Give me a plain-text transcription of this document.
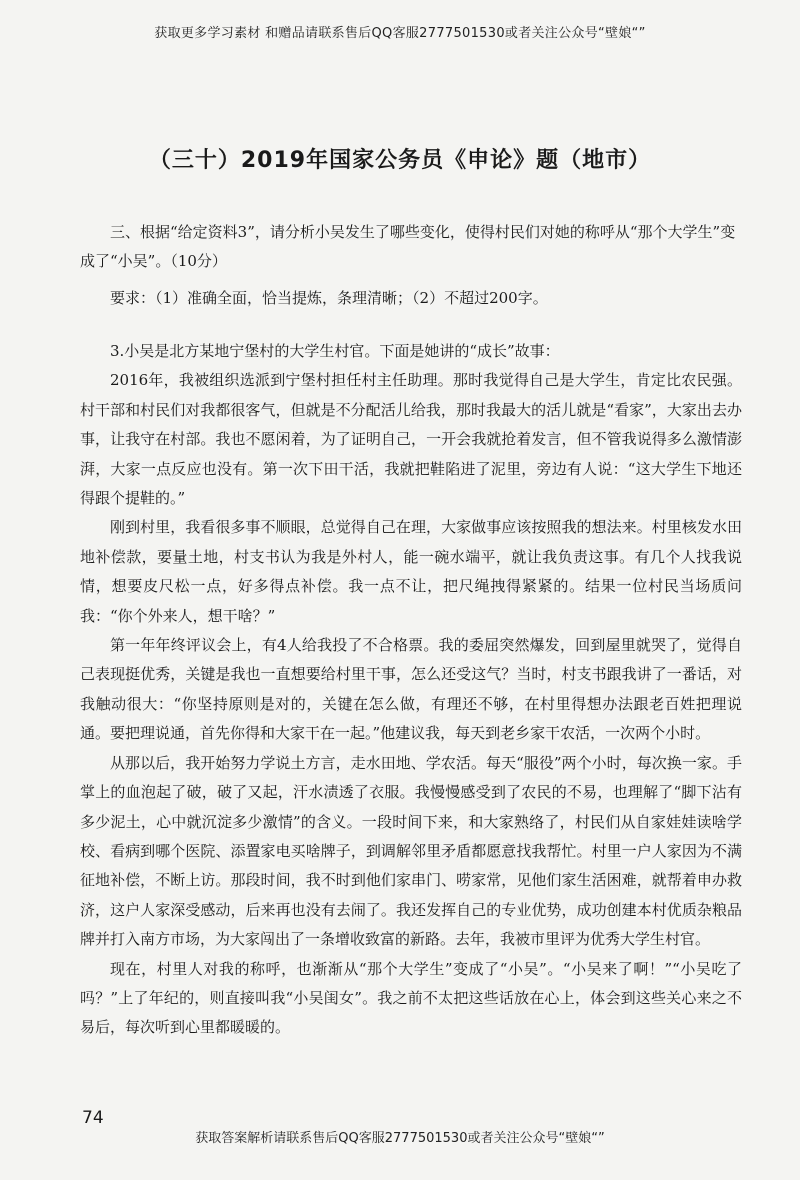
获取更多学习素材 和赠品请联系售后QQ客服2777501530或者关注公众号“壁娘“”
（三十）2019年国家公务员《申论》题（地市）
三、根据“给定资料3”，请分析小吴发生了哪些变化，使得村民们对她的称呼从“那个大学生”变成了“小吴”。（10分）
要求：（1）准确全面，恰当提炼，条理清晰；（2）不超过200字。

3.小吴是北方某地宁堡村的大学生村官。下面是她讲的“成长”故事：

2016年，我被组织选派到宁堡村担任村主任助理。那时我觉得自己是大学生，肯定比农民强。村干部和村民们对我都很客气，但就是不分配活儿给我，那时我最大的活儿就是“看家”，大家出去办事，让我守在村部。我也不愿闲着，为了证明自己，一开会我就抢着发言，但不管我说得多么激情澎湃，大家一点反应也没有。第一次下田干活，我就把鞋陷进了泥里，旁边有人说：“这大学生下地还得跟个提鞋的。”

刚到村里，我看很多事不顺眼，总觉得自己在理，大家做事应该按照我的想法来。村里核发水田地补偿款，要量土地，村支书认为我是外村人，能一碗水端平，就让我负责这事。有几个人找我说情，想要皮尺松一点，好多得点补偿。我一点不让，把尺绳拽得紧紧的。结果一位村民当场质问我：“你个外来人，想干啥？”

第一年年终评议会上，有4人给我投了不合格票。我的委屈突然爆发，回到屋里就哭了，觉得自己表现挺优秀，关键是我也一直想要给村里干事，怎么还受这气？当时，村支书跟我讲了一番话，对我触动很大：“你坚持原则是对的，关键在怎么做，有理还不够，在村里得想办法跟老百姓把理说通。要把理说通，首先你得和大家干在一起。”他建议我，每天到老乡家干农活，一次两个小时。

从那以后，我开始努力学说土方言，走水田地、学农活。每天“服役”两个小时，每次换一家。手掌上的血泡起了破，破了又起，汗水渍透了衣服。我慢慢感受到了农民的不易，也理解了“脚下沾有多少泥土，心中就沉淀多少激情”的含义。一段时间下来，和大家熟络了，村民们从自家娃娃读啥学校、看病到哪个医院、添置家电买啥牌子，到调解邻里矛盾都愿意找我帮忙。村里一户人家因为不满征地补偿，不断上访。那段时间，我不时到他们家串门、唠家常，见他们家生活困难，就帮着申办救济，这户人家深受感动，后来再也没有去闹了。我还发挥自己的专业优势，成功创建本村优质杂粮品牌并打入南方市场，为大家闯出了一条增收致富的新路。去年，我被市里评为优秀大学生村官。

现在，村里人对我的称呼，也渐渐从“那个大学生”变成了“小吴”。“小吴来了啊！”“小吴吃了吗？”上了年纪的，则直接叫我“小吴闺女”。我之前不太把这些话放在心上，体会到这些关心来之不易后，每次听到心里都暖暖的。

74
获取答案解析请联系售后QQ客服2777501530或者关注公众号“壁娘“”
